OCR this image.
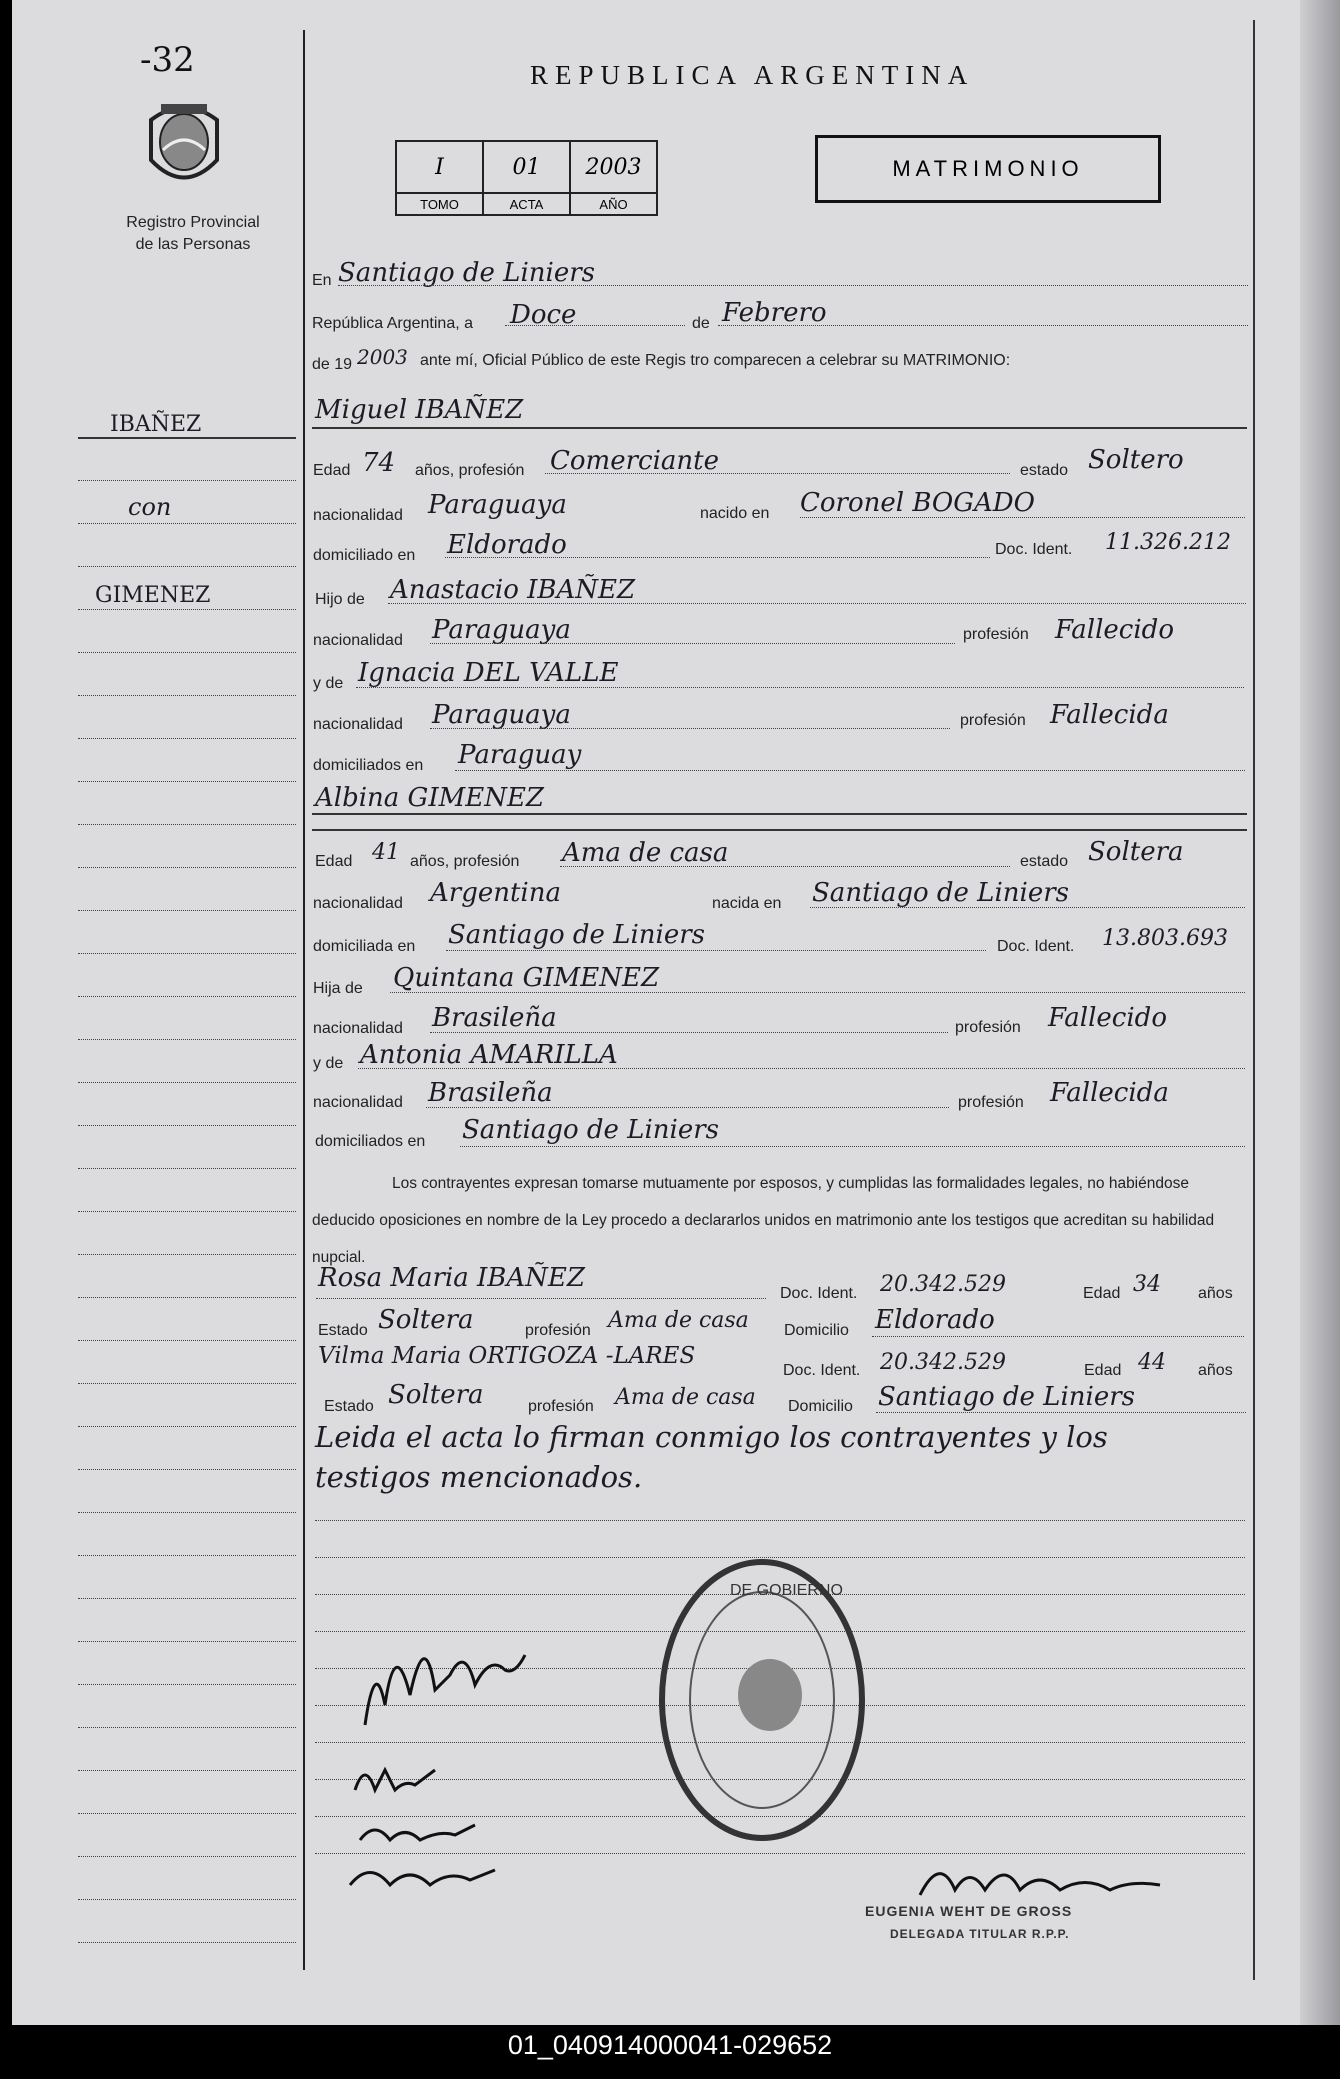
-32	REPUBLICA ARGENTINA
MATRIMONIO
Registro Provincial
de las Personas
I	01	2003
TOMO	ACTA	AÑO
IBAÑEZ
con
GIMENEZ
En Santiago de Liniers
República Argentina, a Doce	de Febrero
de 19 2003 ante mí, Oficial Público de este Regis tro comparecen a celebrar su MATRIMONIO:
Miguel IBAÑEZ
Edad 74 años, profesión Comerciante	estado Soltero
nacionalidad Paraguaya	nacido en Coronel BOGADO
domiciliado en Eldorado	Doc. Ident. 11.326.212
Hijo de Anastacio IBAÑEZ
nacionalidad Paraguaya	profesión Fallecido
y de Ignacia DEL VALLE
nacionalidad Paraguaya	profesión Fallecida
domiciliados en Paraguay
Albina GIMENEZ
Edad 41 años, profesión Ama de casa	estado Soltera
nacionalidad Argentina	nacida en Santiago de Liniers
domiciliada en Santiago de Liniers	Doc. Ident. 13.803.693
Hija de Quintana GIMENEZ
nacionalidad Brasileña	profesión Fallecido
y de Antonia AMARILLA
nacionalidad Brasileña	profesión Fallecida
domiciliados en Santiago de Liniers
Los contrayentes expresan tomarse mutuamente por esposos, y cumplidas las formalidades legales, no habiéndose deducido oposiciones en nombre de la Ley procedo a declararlos unidos en matrimonio ante los testigos que acreditan su habilidad nupcial.
Rosa Maria IBAÑEZ
Doc. Ident. 20.342.529	Edad 34 años
Estado Soltera	profesión Ama de casa Domicilio Eldorado
Vilma Maria ORTIGOZA -LARES
Doc. Ident. 20.342.529	Edad 44 años
Estado Soltera	profesión Ama de casa Domicilio Santiago de Liniers
Leida el acta lo firman conmigo los contrayentes y los
testigos mencionados.
DE GOBIERNO
EUGENIA WEHT DE GROSS
DELEGADA TITULAR R.P.P.
01_040914000041-029652
